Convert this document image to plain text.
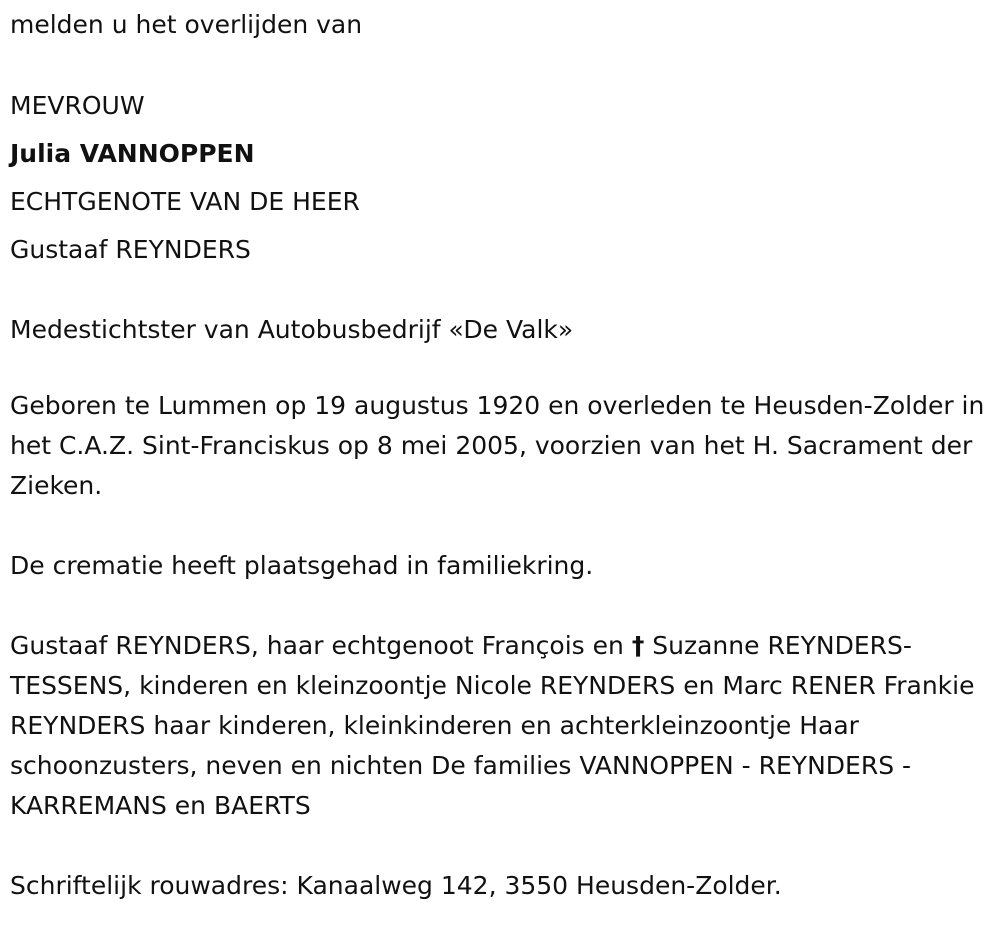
melden u het overlijden van

MEVROUW

Julia VANNOPPEN

ECHTGENOTE VAN DE HEER

Gustaaf REYNDERS

Medestichtster van Autobusbedrijf «De Valk»

Geboren te Lummen op 19 augustus 1920 en overleden te Heusden-Zolder in het C.A.Z. Sint-Franciskus op 8 mei 2005, voorzien van het H. Sacrament der Zieken.

De crematie heeft plaatsgehad in familiekring.

Gustaaf REYNDERS, haar echtgenoot François en † Suzanne REYNDERS-TESSENS, kinderen en kleinzoontje Nicole REYNDERS en Marc RENER Frankie REYNDERS haar kinderen, kleinkinderen en achterkleinzoontje Haar schoonzusters, neven en nichten De families VANNOPPEN - REYNDERS - KARREMANS en BAERTS

Schriftelijk rouwadres: Kanaalweg 142, 3550 Heusden-Zolder.
